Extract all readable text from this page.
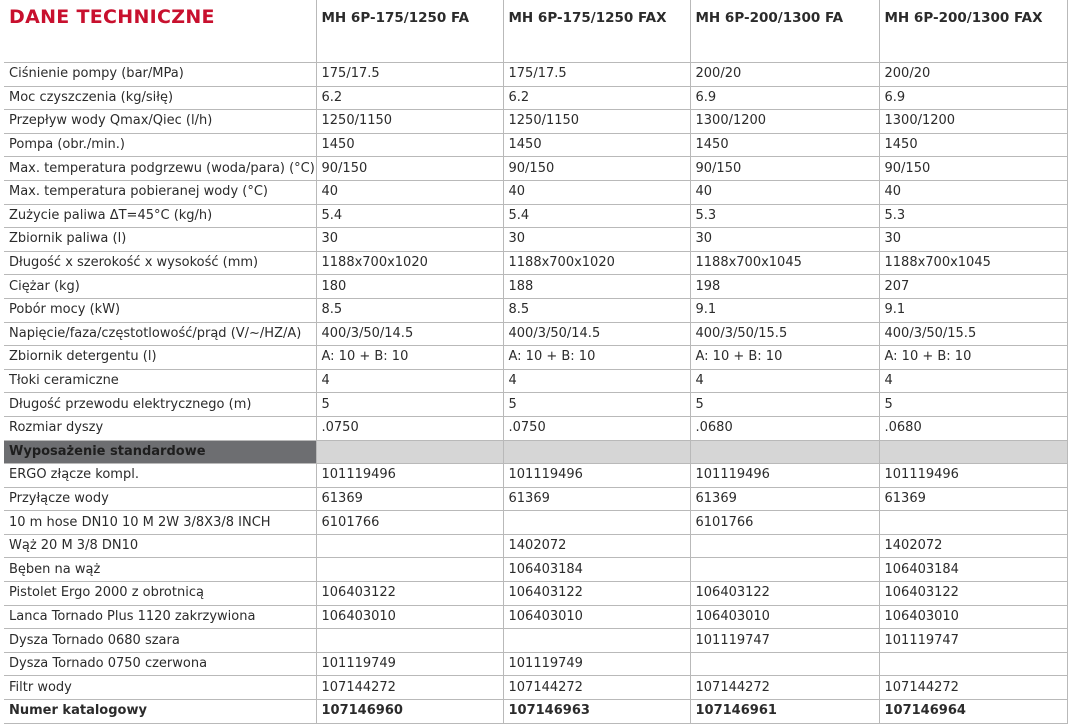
DANE TECHNICZNE	MH 6P-175/1250 FA	MH 6P-175/1250 FAX	MH 6P-200/1300 FA	MH 6P-200/1300 FAX
Ciśnienie pompy (bar/MPa)	175/17.5	175/17.5	200/20	200/20
Moc czyszczenia (kg/siłę)	6.2	6.2	6.9	6.9
Przepływ wody Qmax/Qiec (l/h)	1250/1150	1250/1150	1300/1200	1300/1200
Pompa (obr./min.)	1450	1450	1450	1450
Max. temperatura podgrzewu (woda/para) (°C)	90/150	90/150	90/150	90/150
Max. temperatura pobieranej wody (°C)	40	40	40	40
Zużycie paliwa ΔT=45°C (kg/h)	5.4	5.4	5.3	5.3
Zbiornik paliwa (l)	30	30	30	30
Długość x szerokość x wysokość (mm)	1188x700x1020	1188x700x1020	1188x700x1045	1188x700x1045
Ciężar (kg)	180	188	198	207
Pobór mocy (kW)	8.5	8.5	9.1	9.1
Napięcie/faza/częstotlowość/prąd (V/~/HZ/A)	400/3/50/14.5	400/3/50/14.5	400/3/50/15.5	400/3/50/15.5
Zbiornik detergentu (l)	A: 10 + B: 10	A: 10 + B: 10	A: 10 + B: 10	A: 10 + B: 10
Tłoki ceramiczne	4	4	4	4
Długość przewodu elektrycznego (m)	5	5	5	5
Rozmiar dyszy	.0750	.0750	.0680	.0680
Wyposażenie standardowe				
ERGO złącze kompl.	101119496	101119496	101119496	101119496
Przyłącze wody	61369	61369	61369	61369
10 m hose DN10 10 M 2W 3/8X3/8 INCH	6101766		6101766	
Wąż 20 M 3/8 DN10		1402072		1402072
Bęben na wąż		106403184		106403184
Pistolet Ergo 2000 z obrotnicą	106403122	106403122	106403122	106403122
Lanca Tornado Plus 1120 zakrzywiona	106403010	106403010	106403010	106403010
Dysza Tornado 0680 szara			101119747	101119747
Dysza Tornado 0750 czerwona	101119749	101119749		
Filtr wody	107144272	107144272	107144272	107144272
Numer katalogowy	107146960	107146963	107146961	107146964
